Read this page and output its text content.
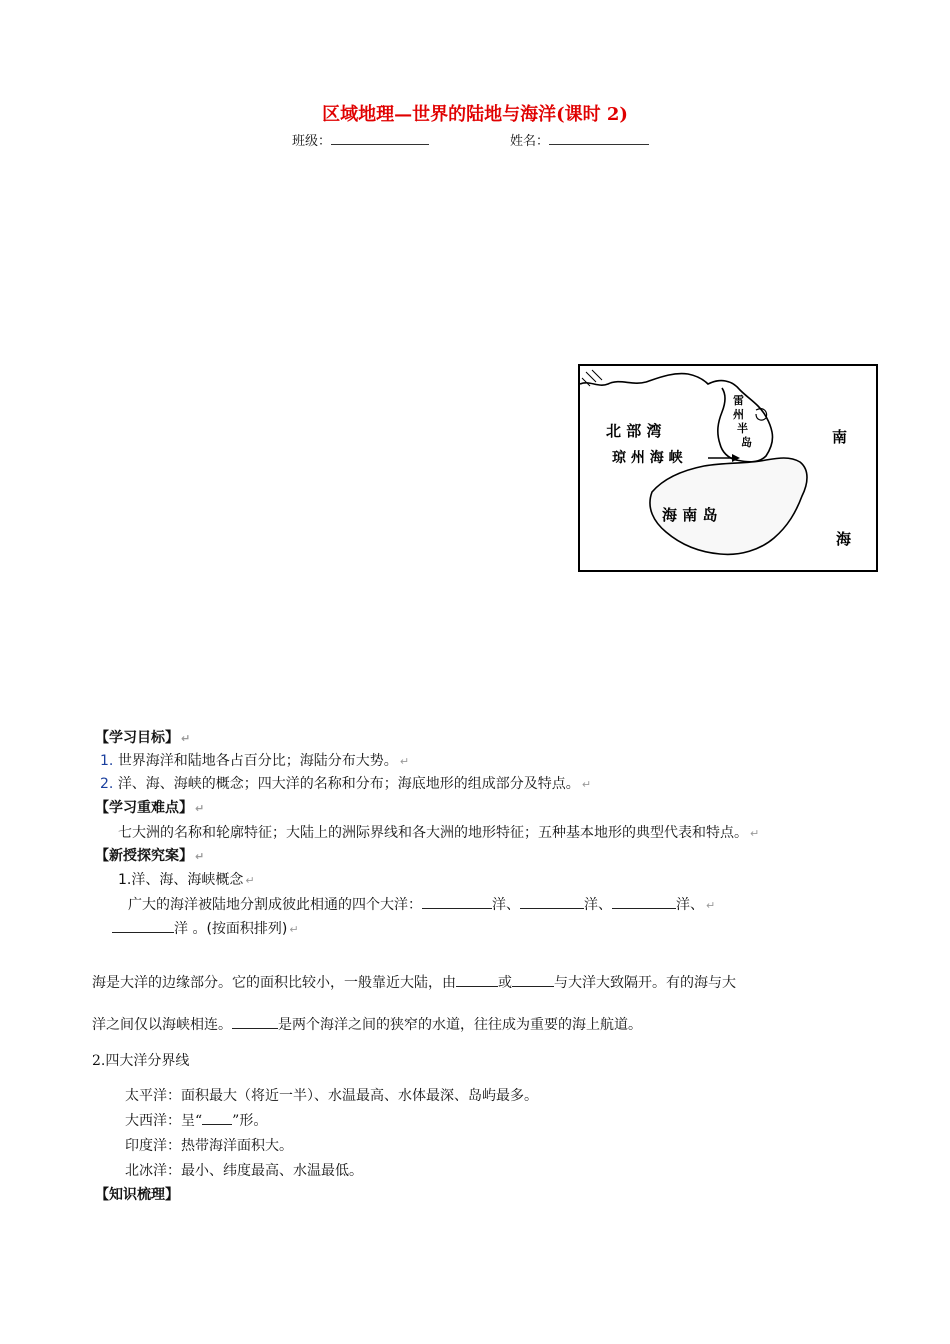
区域地理—世界的陆地与海洋(课时 2)
班级：	姓名：
北 部 湾
雷
州
半
岛
琼 州 海 峡
海 南 岛
南
海
【学习目标】 ↵
1. 世界海洋和陆地各占百分比；海陆分布大势。 ↵
2. 洋、海、海峡的概念；四大洋的名称和分布；海底地形的组成部分及特点。 ↵
【学习重难点】 ↵
七大洲的名称和轮廓特征；大陆上的洲际界线和各大洲的地形特征；五种基本地形的典型代表和特点。 ↵
【新授探究案】 ↵
1.洋、海、海峡概念 ↵
广大的海洋被陆地分割成彼此相通的四个大洋：	洋、	洋、	洋、 ↵
洋 。(按面积排列) ↵
海是大洋的边缘部分。它的面积比较小，一般靠近大陆，由	或	与大洋大致隔开。有的海与大
洋之间仅以海峡相连。	是两个海洋之间的狭窄的水道，往往成为重要的海上航道。
2.四大洋分界线
太平洋：面积最大（将近一半）、水温最高、水体最深、岛屿最多。
大西洋：呈“ ”形。
印度洋：热带海洋面积大。
北冰洋：最小、纬度最高、水温最低。
【知识梳理】
